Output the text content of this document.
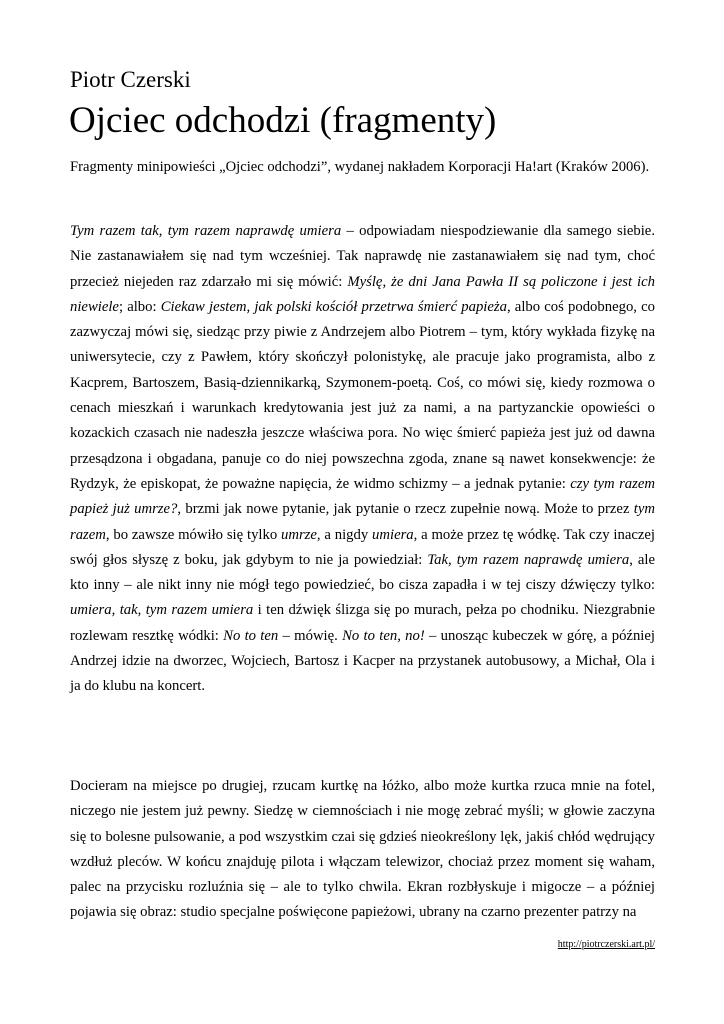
Piotr Czerski
Ojciec odchodzi (fragmenty)

Fragmenty minipowieści „Ojciec odchodzi”, wydanej nakładem Korporacji Ha!art (Kraków 2006).

Tym razem tak, tym razem naprawdę umiera – odpowiadam niespodziewanie dla samego siebie. Nie zastanawiałem się nad tym wcześniej. Tak naprawdę nie zastanawiałem się nad tym, choć przecież niejeden raz zdarzało mi się mówić: Myślę, że dni Jana Pawła II są policzone i jest ich niewiele; albo: Ciekaw jestem, jak polski kościół przetrwa śmierć papieża, albo coś podobnego, co zazwyczaj mówi się, siedząc przy piwie z Andrzejem albo Piotrem – tym, który wykłada fizykę na uniwersytecie, czy z Pawłem, który skończył polonistykę, ale pracuje jako programista, albo z Kacprem, Bartoszem, Basią-dziennikarką, Szymonem-poetą. Coś, co mówi się, kiedy rozmowa o cenach mieszkań i warunkach kredytowania jest już za nami, a na partyzanckie opowieści o kozackich czasach nie nadeszła jeszcze właściwa pora. No więc śmierć papieża jest już od dawna przesądzona i obgadana, panuje co do niej powszechna zgoda, znane są nawet konsekwencje: że Rydzyk, że episkopat, że poważne napięcia, że widmo schizmy – a jednak pytanie: czy tym razem papież już umrze?, brzmi jak nowe pytanie, jak pytanie o rzecz zupełnie nową. Może to przez tym razem, bo zawsze mówiło się tylko umrze, a nigdy umiera, a może przez tę wódkę. Tak czy inaczej swój głos słyszę z boku, jak gdybym to nie ja powiedział: Tak, tym razem naprawdę umiera, ale kto inny – ale nikt inny nie mógł tego powiedzieć, bo cisza zapadła i w tej ciszy dźwięczy tylko: umiera, tak, tym razem umiera i ten dźwięk ślizga się po murach, pełza po chodniku. Niezgrabnie rozlewam resztkę wódki: No to ten – mówię. No to ten, no! – unosząc kubeczek w górę, a później Andrzej idzie na dworzec, Wojciech, Bartosz i Kacper na przystanek autobusowy, a Michał, Ola i ja do klubu na koncert.

Docieram na miejsce po drugiej, rzucam kurtkę na łóżko, albo może kurtka rzuca mnie na fotel, niczego nie jestem już pewny. Siedzę w ciemnościach i nie mogę zebrać myśli; w głowie zaczyna się to bolesne pulsowanie, a pod wszystkim czai się gdzieś nieokreślony lęk, jakiś chłód wędrujący wzdłuż pleców. W końcu znajduję pilota i włączam telewizor, chociaż przez moment się waham, palec na przycisku rozluźnia się – ale to tylko chwila. Ekran rozbłyskuje i migocze – a później pojawia się obraz: studio specjalne poświęcone papieżowi, ubrany na czarno prezenter patrzy na

http://piotrczerski.art.pl/
